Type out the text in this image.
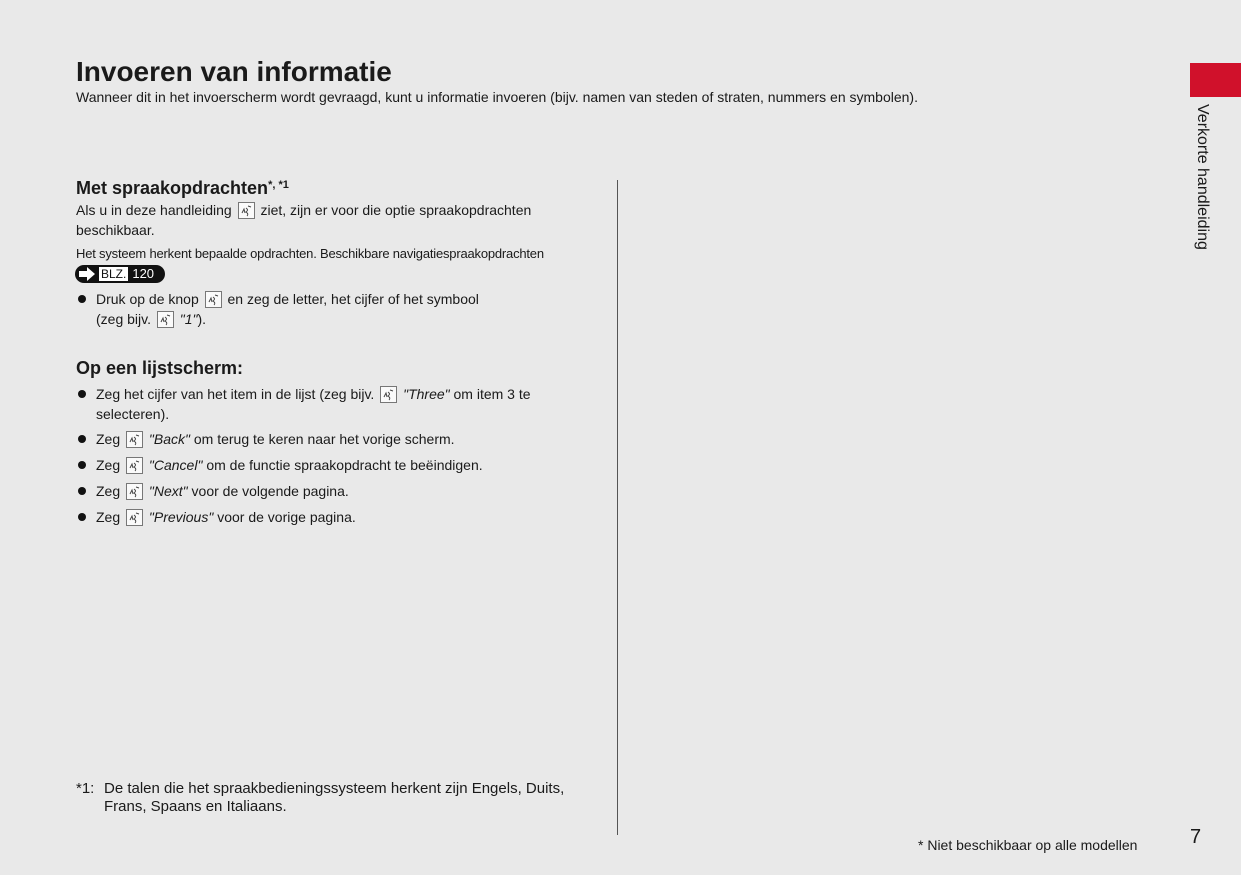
Invoeren van informatie
Wanneer dit in het invoerscherm wordt gevraagd, kunt u informatie invoeren (bijv. namen van steden of straten, nummers en symbolen).
Verkorte handleiding
Met spraakopdrachten$^{*, *1}$
Als u in deze handleiding ziet, zijn er voor die optie spraakopdrachten beschikbaar.
Het systeem herkent bepaalde opdrachten. Beschikbare navigatiespraakopdrachten
BLZ. 120
Druk op de knop en zeg de letter, het cijfer of het symbool
(zeg bijv. "1").
Op een lijstscherm:
Zeg het cijfer van het item in de lijst (zeg bijv. "Three" om item 3 te selecteren).
Zeg "Back" om terug te keren naar het vorige scherm.
Zeg "Cancel" om de functie spraakopdracht te beëindigen.
Zeg "Next" voor de volgende pagina.
Zeg "Previous" voor de vorige pagina.
*1: De talen die het spraakbedieningssysteem herkent zijn Engels, Duits,
Frans, Spaans en Italiaans.
* Niet beschikbaar op alle modellen	7
